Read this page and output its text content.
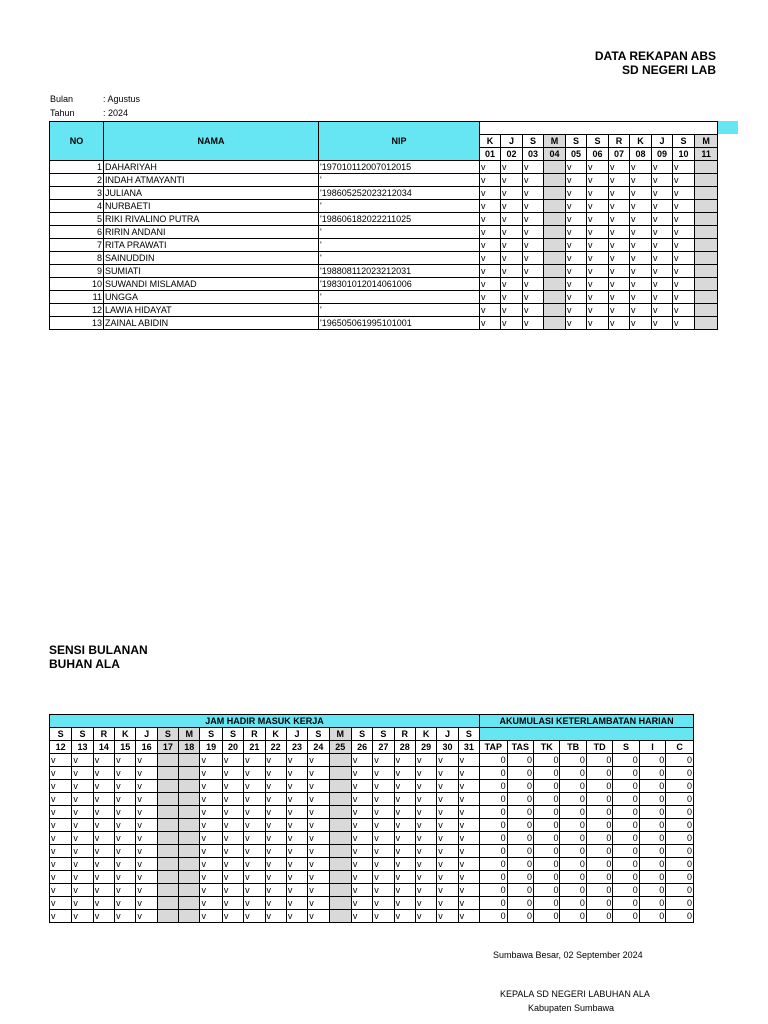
DATA REKAPAN ABS
SD NEGERI LAB
Bulan	: Agustus
Tahun	: 2024
NO	NAMA	NIP											
			K	J	S	M	S	S	R	K	J	S	M
			01	02	03	04	05	06	07	08	09	10	11
1	DAHARIYAH	'197010112007012015	v	v	v		v	v	v	v	v	v	
2	INDAH ATMAYANTI	'	v	v	v		v	v	v	v	v	v	
3	JULIANA	'198605252023212034	v	v	v		v	v	v	v	v	v	
4	NURBAETI	'	v	v	v		v	v	v	v	v	v	
5	RIKI RIVALINO PUTRA	'198606182022211025	v	v	v		v	v	v	v	v	v	
6	RIRIN ANDANI	'	v	v	v		v	v	v	v	v	v	
7	RITA PRAWATI	'	v	v	v		v	v	v	v	v	v	
8	SAINUDDIN	'	v	v	v		v	v	v	v	v	v	
9	SUMIATI	'198808112023212031	v	v	v		v	v	v	v	v	v	
10	SUWANDI MISLAMAD	'198301012014061006	v	v	v		v	v	v	v	v	v	
11	UNGGA	'	v	v	v		v	v	v	v	v	v	
12	LAWIA HIDAYAT	'	v	v	v		v	v	v	v	v	v	
13	ZAINAL ABIDIN	'196505061995101001	v	v	v		v	v	v	v	v	v	
SENSI BULANAN
BUHAN ALA
JAM HADIR MASUK KERJA																				AKUMULASI KETERLAMBATAN HARIAN							
S	S	R	K	J	S	M	S	S	R	K	J	S	M	S	S	R	K	J	S								
12	13	14	15	16	17	18	19	20	21	22	23	24	25	26	27	28	29	30	31	TAP	TAS	TK	TB	TD	S	I	C
v	v	v	v	v			v	v	v	v	v	v		v	v	v	v	v	v	0	0	0	0	0	0	0	0
v	v	v	v	v			v	v	v	v	v	v		v	v	v	v	v	v	0	0	0	0	0	0	0	0
v	v	v	v	v			v	v	v	v	v	v		v	v	v	v	v	v	0	0	0	0	0	0	0	0
v	v	v	v	v			v	v	v	v	v	v		v	v	v	v	v	v	0	0	0	0	0	0	0	0
v	v	v	v	v			v	v	v	v	v	v		v	v	v	v	v	v	0	0	0	0	0	0	0	0
v	v	v	v	v			v	v	v	v	v	v		v	v	v	v	v	v	0	0	0	0	0	0	0	0
v	v	v	v	v			v	v	v	v	v	v		v	v	v	v	v	v	0	0	0	0	0	0	0	0
v	v	v	v	v			v	v	v	v	v	v		v	v	v	v	v	v	0	0	0	0	0	0	0	0
v	v	v	v	v			v	v	v	v	v	v		v	v	v	v	v	v	0	0	0	0	0	0	0	0
v	v	v	v	v			v	v	v	v	v	v		v	v	v	v	v	v	0	0	0	0	0	0	0	0
v	v	v	v	v			v	v	v	v	v	v		v	v	v	v	v	v	0	0	0	0	0	0	0	0
v	v	v	v	v			v	v	v	v	v	v		v	v	v	v	v	v	0	0	0	0	0	0	0	0
v	v	v	v	v			v	v	v	v	v	v		v	v	v	v	v	v	0	0	0	0	0	0	0	0
Sumbawa Besar, 02 September 2024
KEPALA SD NEGERI LABUHAN ALA
Kabupaten Sumbawa
